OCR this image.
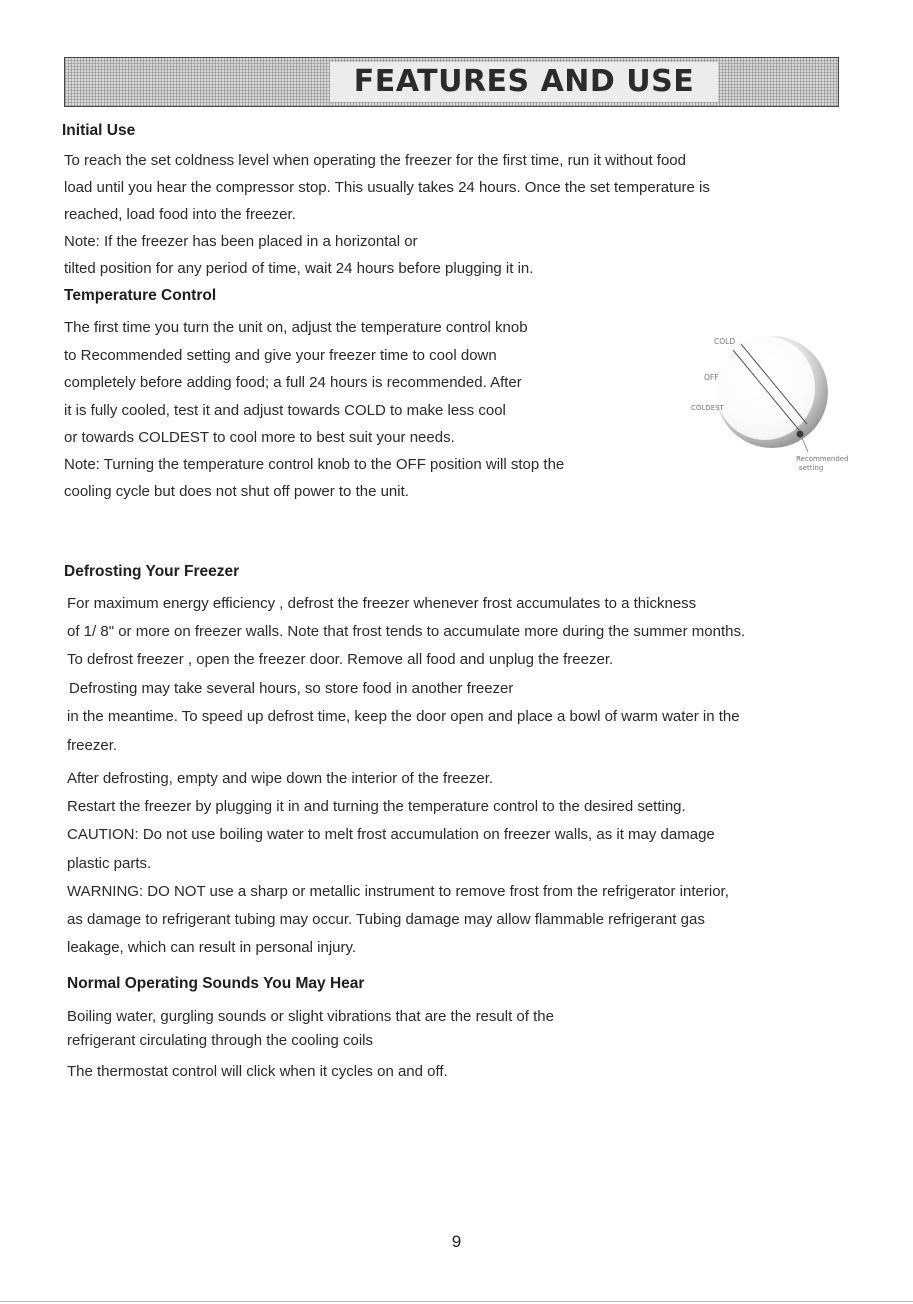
FEATURES AND USE

Initial Use

To reach the set coldness level when operating the freezer for the first time, run it without food

load until you hear the compressor stop. This usually takes 24 hours. Once the set temperature is

reached, load food into the freezer.

Note: If the freezer has been placed in a horizontal or

tilted position for any period of time, wait 24 hours before plugging it in.

Temperature Control

The first time you turn the unit on, adjust the temperature control knob

to Recommended setting and give your freezer time to cool down

completely before adding food; a full 24 hours is recommended. After

it is fully cooled, test it and adjust towards COLD to make less cool

or towards COLDEST to cool more to best suit your needs.

Note: Turning the temperature control knob to the OFF position will stop the

cooling cycle but does not shut off power to the unit.

COLD
OFF
COLDEST
Recommended
setting

Defrosting Your Freezer

For maximum energy efficiency , defrost the freezer whenever frost accumulates to a thickness

of 1/ 8" or more on freezer walls. Note that frost tends to accumulate more during the summer months.

To defrost freezer , open the freezer door. Remove all food and unplug the freezer.

Defrosting may take several hours, so store food in another freezer

in the meantime. To speed up defrost time, keep the door open and place a bowl of warm water in the

freezer.

After defrosting, empty and wipe down the interior of the freezer.

Restart the freezer by plugging it in and turning the temperature control to the desired setting.

CAUTION: Do not use boiling water to melt frost accumulation on freezer walls, as it may damage

plastic parts.

WARNING: DO NOT use a sharp or metallic instrument to remove frost from the refrigerator interior,

as damage to refrigerant tubing may occur. Tubing damage may allow flammable refrigerant gas

leakage, which can result in personal injury.

Normal Operating Sounds You May Hear

Boiling water, gurgling sounds or slight vibrations that are the result of the

refrigerant circulating through the cooling coils

The thermostat control will click when it cycles on and off.

9
